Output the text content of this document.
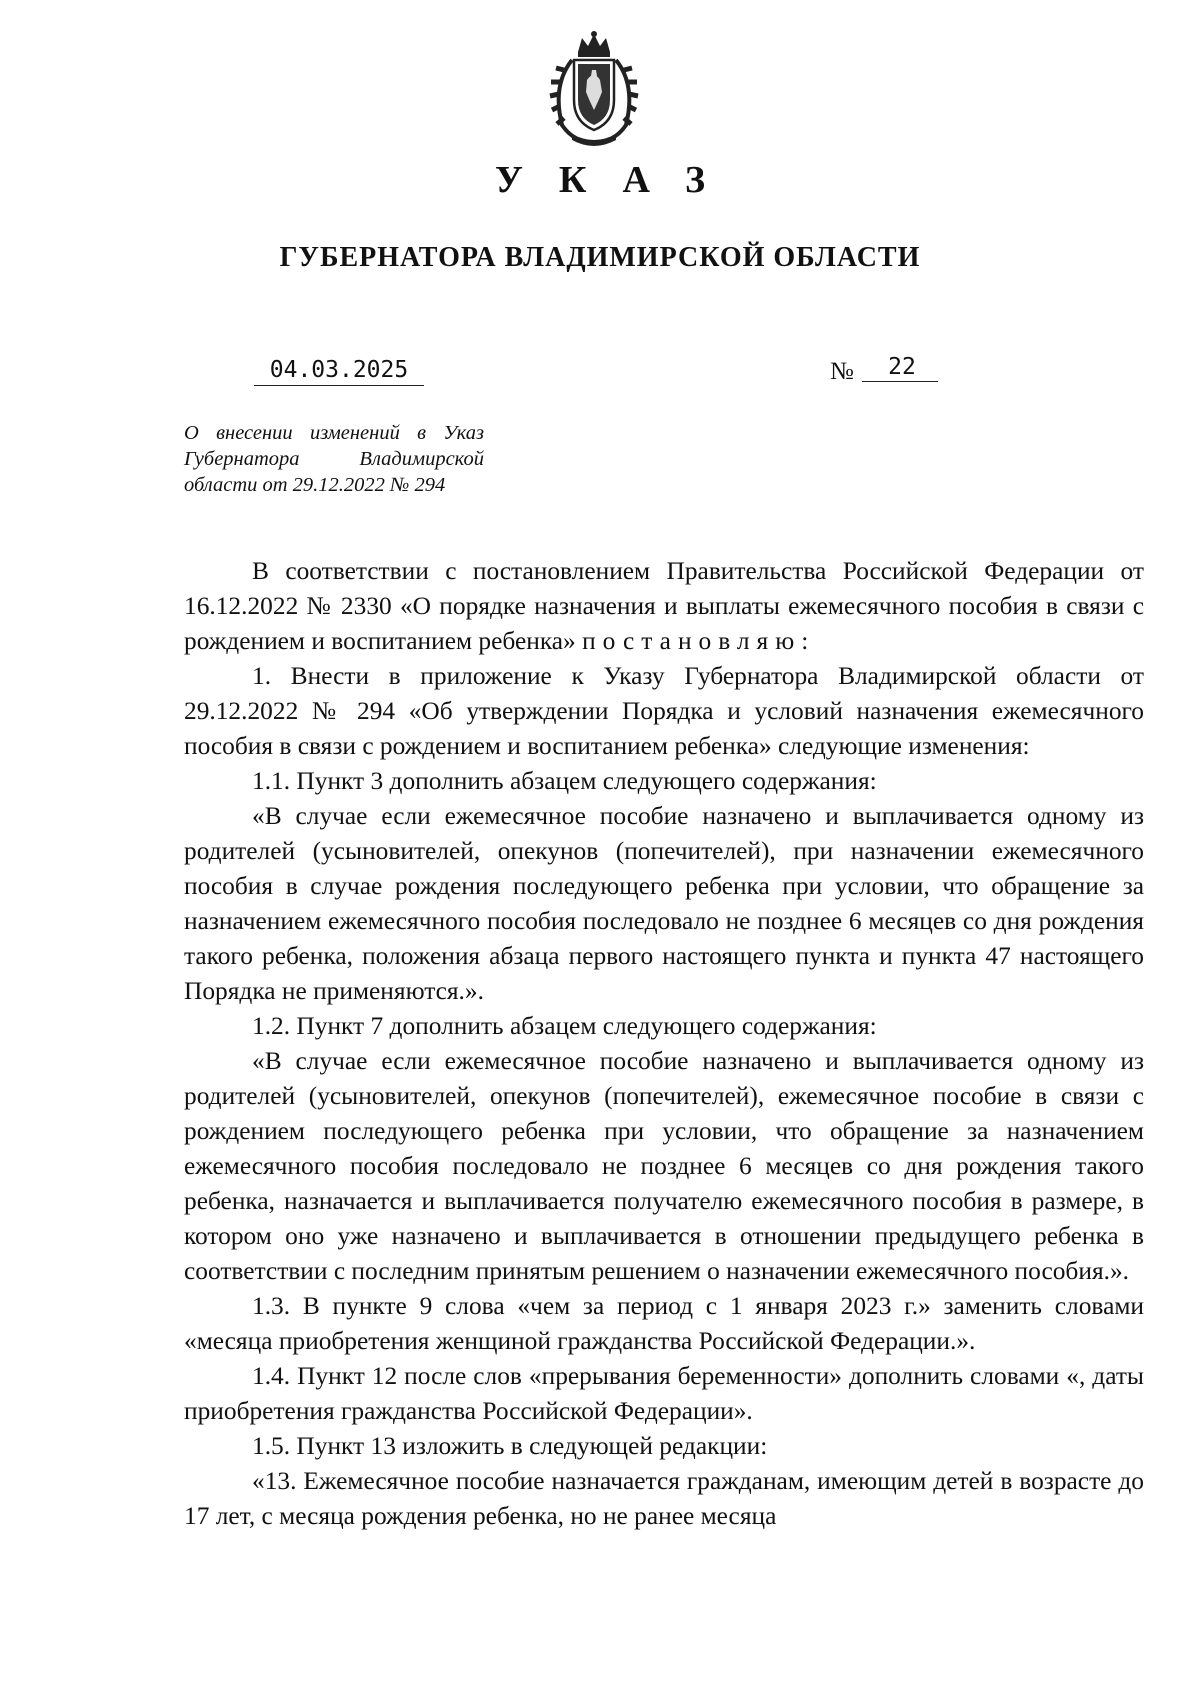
УКАЗ
ГУБЕРНАТОРА ВЛАДИМИРСКОЙ ОБЛАСТИ
04.03.2025	№	22
О внесении изменений в Указ
Губернатора Владимирской
области от 29.12.2022 № 294

В соответствии с постановлением Правительства Российской Федерации от 16.12.2022 № 2330 «О порядке назначения и выплаты ежемесячного пособия в связи с рождением и воспитанием ребенка» постановляю:

1. Внести в приложение к Указу Губернатора Владимирской области от 29.12.2022 № 294 «Об утверждении Порядка и условий назначения ежемесячного пособия в связи с рождением и воспитанием ребенка» следующие изменения:

1.1. Пункт 3 дополнить абзацем следующего содержания:

«В случае если ежемесячное пособие назначено и выплачивается одному из родителей (усыновителей, опекунов (попечителей), при назначении ежемесячного пособия в случае рождения последующего ребенка при условии, что обращение за назначением ежемесячного пособия последовало не позднее 6 месяцев со дня рождения такого ребенка, положения абзаца первого настоящего пункта и пункта 47 настоящего Порядка не применяются.».

1.2. Пункт 7 дополнить абзацем следующего содержания:

«В случае если ежемесячное пособие назначено и выплачивается одному из родителей (усыновителей, опекунов (попечителей), ежемесячное пособие в связи с рождением последующего ребенка при условии, что обращение за назначением ежемесячного пособия последовало не позднее 6 месяцев со дня рождения такого ребенка, назначается и выплачивается получателю ежемесячного пособия в размере, в котором оно уже назначено и выплачивается в отношении предыдущего ребенка в соответствии с последним принятым решением о назначении ежемесячного пособия.».

1.3. В пункте 9 слова «чем за период с 1 января 2023 г.» заменить словами «месяца приобретения женщиной гражданства Российской Федерации.».

1.4. Пункт 12 после слов «прерывания беременности» дополнить словами «, даты приобретения гражданства Российской Федерации».

1.5. Пункт 13 изложить в следующей редакции:

«13. Ежемесячное пособие назначается гражданам, имеющим детей в возрасте до 17 лет, с месяца рождения ребенка, но не ранее месяца
